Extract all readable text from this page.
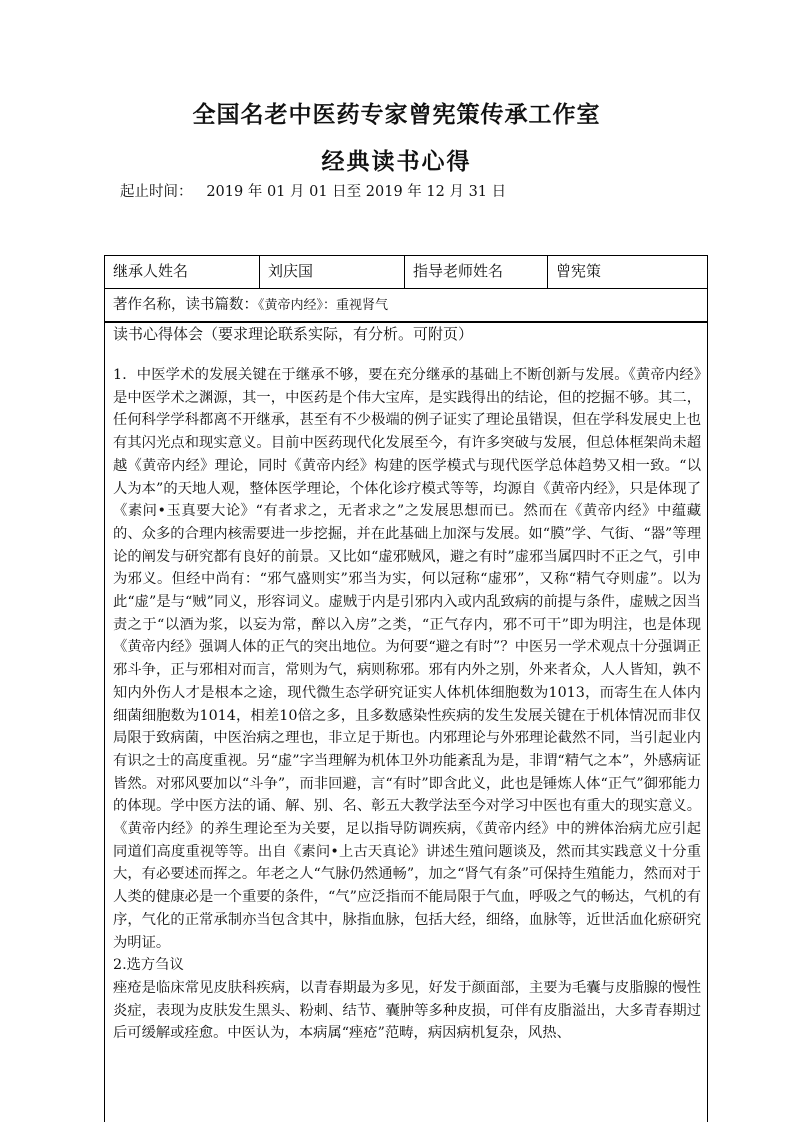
全国名老中医药专家曾宪策传承工作室
经典读书心得
起止时间： 2019 年 01 月 01 日至 2019 年 12 月 31 日
继承人姓名	刘庆国	指导老师姓名	曾宪策
著作名称，读书篇数：《黄帝内经》：重视肾气
读书心得体会（要求理论联系实际，有分析。可附页）

1．中医学术的发展关键在于继承不够，要在充分继承的基础上不断创新与发展。《黄帝内经》是中医学术之渊源，其一，中医药是个伟大宝库，是实践得出的结论，但的挖掘不够。其二，任何科学学科都离不开继承，甚至有不少极端的例子证实了理论虽错误，但在学科发展史上也有其闪光点和现实意义。目前中医药现代化发展至今，有许多突破与发展，但总体框架尚未超越《黄帝内经》理论，同时《黄帝内经》构建的医学模式与现代医学总体趋势又相一致。“以人为本”的天地人观，整体医学理论，个体化诊疗模式等等，均源自《黄帝内经》，只是体现了《素问•玉真要大论》“有者求之，无者求之”之发展思想而已。然而在《黄帝内经》中蕴藏的、众多的合理内核需要进一步挖掘，并在此基础上加深与发展。如“膜”学、气街、“器”等理论的阐发与研究都有良好的前景。又比如“虚邪贼风，避之有时”虚邪当属四时不正之气，引申为邪义。但经中尚有：“邪气盛则实”邪当为实，何以冠称“虚邪”，又称“精气夺则虚”。以为此“虚”是与“贼”同义，形容词义。虚贼于内是引邪内入或内乱致病的前提与条件，虚贼之因当责之于“以酒为浆，以妄为常，醉以入房”之类，“正气存内，邪不可干”即为明注，也是体现《黄帝内经》强调人体的正气的突出地位。为何要“避之有时”？中医另一学术观点十分强调正邪斗争，正与邪相对而言，常则为气，病则称邪。邪有内外之别，外来者众，人人皆知，孰不知内外伤人才是根本之途，现代微生态学研究证实人体机体细胞数为1013，而寄生在人体内细菌细胞数为1014，相差10倍之多，且多数感染性疾病的发生发展关键在于机体情况而非仅局限于致病菌，中医治病之理也，非立足于斯也。内邪理论与外邪理论截然不同，当引起业内有识之士的高度重视。另“虚”字当理解为机体卫外功能紊乱为是，非谓“精气之本”，外感病证皆然。对邪风要加以“斗争”，而非回避，言“有时”即含此义，此也是锤炼人体“正气”御邪能力的体现。学中医方法的诵、解、别、名、彰五大教学法至今对学习中医也有重大的现实意义。《黄帝内经》的养生理论至为关要，足以指导防调疾病，《黄帝内经》中的辨体治病尤应引起同道们高度重视等等。出自《素问•上古天真论》讲述生殖问题谈及，然而其实践意义十分重大，有必要述而挥之。年老之人“气脉仍然通畅”，加之“肾气有条”可保持生殖能力，然而对于人类的健康必是一个重要的条件，“气”应泛指而不能局限于气血，呼吸之气的畅达，气机的有序，气化的正常承制亦当包含其中，脉指血脉，包括大经，细络，血脉等，近世活血化瘀研究为明证。

2.选方刍议

痤疮是临床常见皮肤科疾病，以青春期最为多见，好发于颜面部，主要为毛囊与皮脂腺的慢性炎症，表现为皮肤发生黑头、粉刺、结节、囊肿等多种皮损，可伴有皮脂溢出，大多青春期过后可缓解或痊愈。中医认为，本病属“痤疮”范畴，病因病机复杂，风热、
